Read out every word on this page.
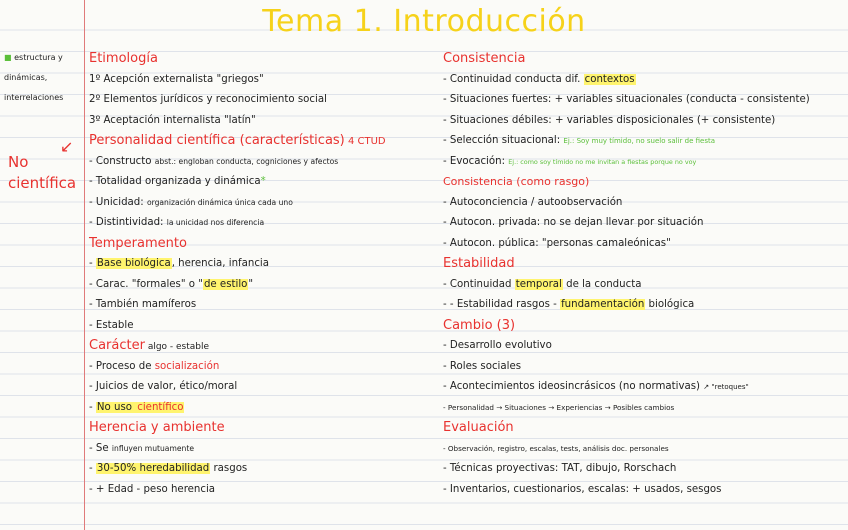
Tema 1. Introducción
■ estructura y
dinámicas,
interrelaciones
↙
No
científica
Etimología
1º Acepción externalista "griegos"
2º Elementos jurídicos y reconocimiento social
3º Aceptación internalista "latín"
Personalidad científica (características) 4 CTUD
- Constructo abst.: engloban conducta, cogniciones y afectos
- Totalidad organizada y dinámica*
- Unicidad: organización dinámica única cada uno
- Distintividad: la unicidad nos diferencia
Temperamento
- Base biológica, herencia, infancia
- Carac. "formales" o "de estilo"
- También mamíferos
- Estable
Carácter algo - estable
- Proceso de socialización
- Juicios de valor, ético/moral
- No uso científico
Herencia y ambiente
- Se influyen mutuamente
- 30-50% heredabilidad rasgos
- + Edad - peso herencia
Consistencia
- Continuidad conducta dif. contextos
- Situaciones fuertes: + variables situacionales (conducta - consistente)
- Situaciones débiles: + variables disposicionales (+ consistente)
- Selección situacional: Ej.: Soy muy tímido, no suelo salir de fiesta
- Evocación: Ej.: como soy tímido no me invitan a fiestas porque no voy
Consistencia (como rasgo)
- Autoconciencia / autoobservación
- Autocon. privada: no se dejan llevar por situación
- Autocon. pública: "personas camaleónicas"
Estabilidad
- Continuidad temporal de la conducta
- - Estabilidad rasgos - fundamentación biológica
Cambio (3)
- Desarrollo evolutivo
- Roles sociales
- Acontecimientos ideosincrásicos (no normativas) ↗ "retoques"
- Personalidad → Situaciones → Experiencias → Posibles cambios
Evaluación
- Observación, registro, escalas, tests, análisis doc. personales
- Técnicas proyectivas: TAT, dibujo, Rorschach
- Inventarios, cuestionarios, escalas: + usados, sesgos
